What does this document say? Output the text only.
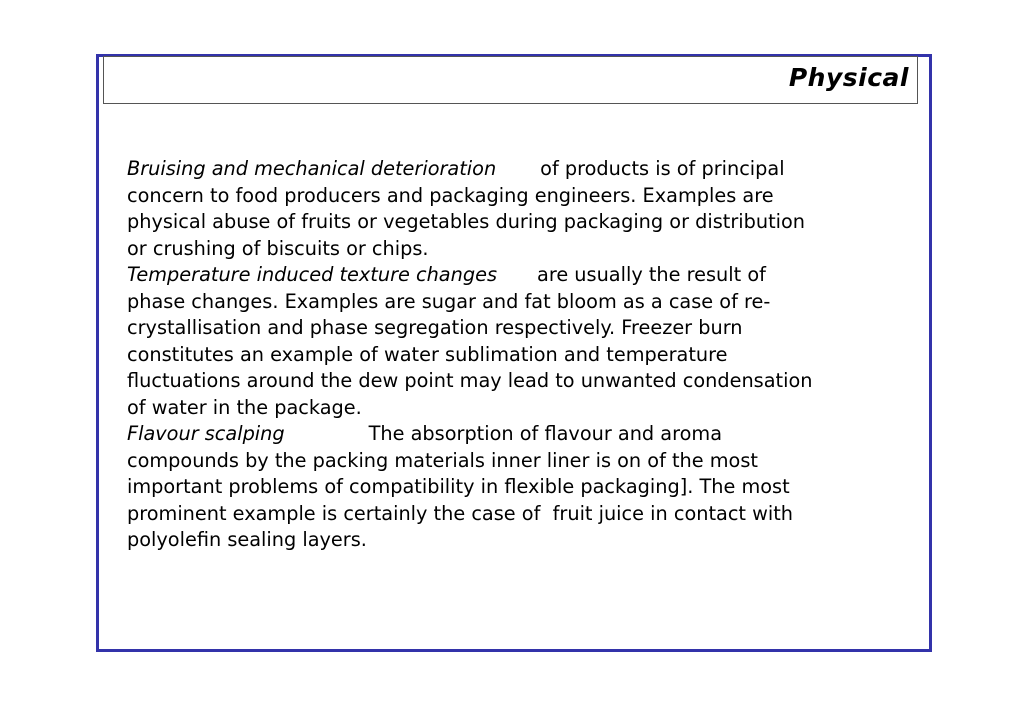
Physical
Bruising and mechanical deterioration of products is of principal
concern to food producers and packaging engineers. Examples are
physical abuse of fruits or vegetables during packaging or distribution
or crushing of biscuits or chips.
Temperature induced texture changes are usually the result of
phase changes. Examples are sugar and fat bloom as a case of re-
crystallisation and phase segregation respectively. Freezer burn
constitutes an example of water sublimation and temperature
fluctuations around the dew point may lead to unwanted condensation
of water in the package.
Flavour scalping	The absorption of flavour and aroma
compounds by the packing materials inner liner is on of the most
important problems of compatibility in flexible packaging]. The most
prominent example is certainly the case of  fruit juice in contact with
polyolefin sealing layers.
